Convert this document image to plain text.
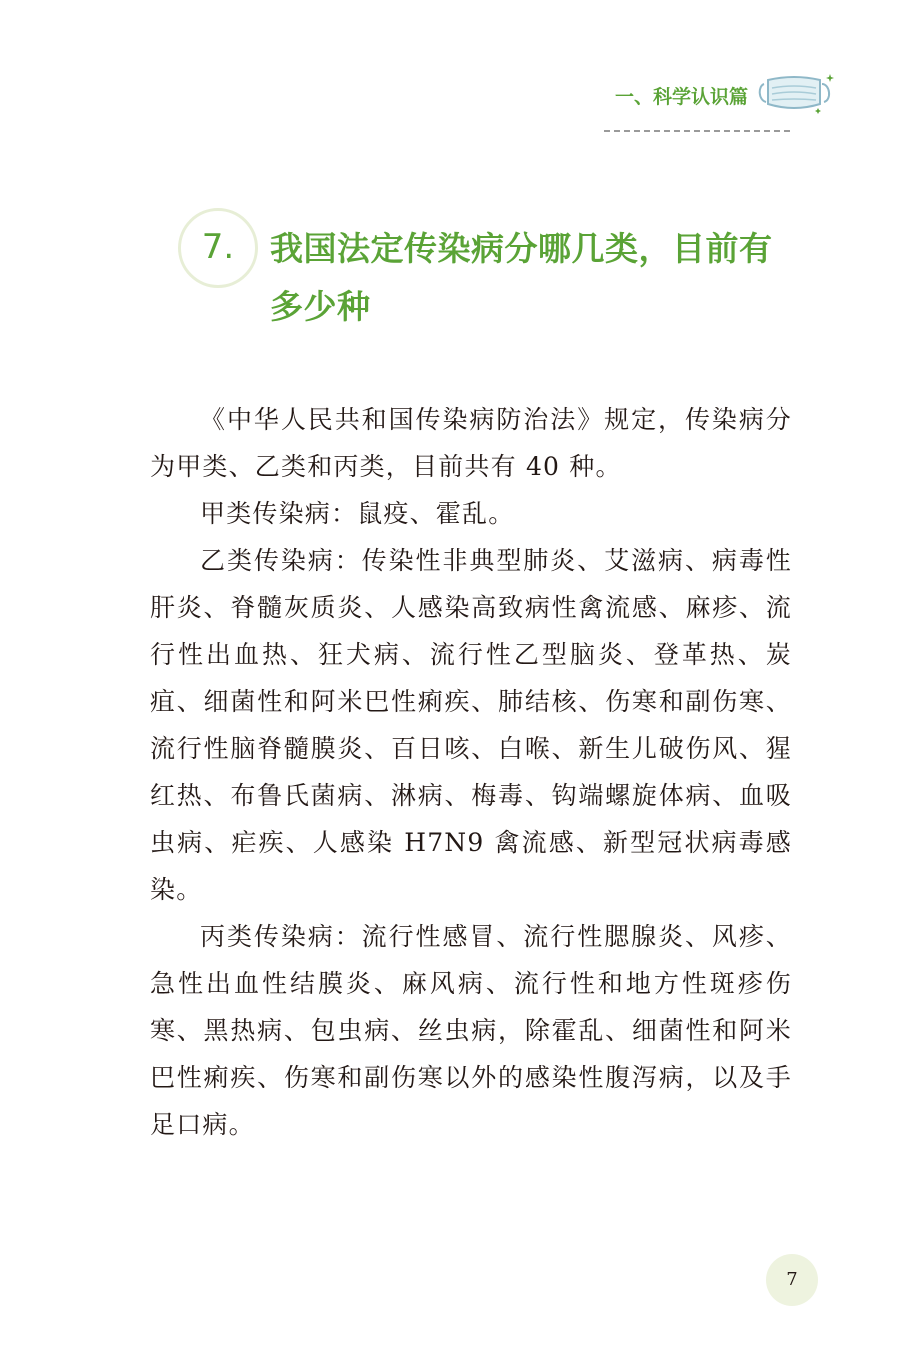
一、科学认识篇
7.	我国法定传染病分哪几类，目前有多少种

《中华人民共和国传染病防治法》规定，传染病分为甲类、乙类和丙类，目前共有 40 种。

甲类传染病：鼠疫、霍乱。

乙类传染病：传染性非典型肺炎、艾滋病、病毒性肝炎、脊髓灰质炎、人感染高致病性禽流感、麻疹、流行性出血热、狂犬病、流行性乙型脑炎、登革热、炭疽、细菌性和阿米巴性痢疾、肺结核、伤寒和副伤寒、流行性脑脊髓膜炎、百日咳、白喉、新生儿破伤风、猩红热、布鲁氏菌病、淋病、梅毒、钩端螺旋体病、血吸虫病、疟疾、人感染 H7N9 禽流感、新型冠状病毒感染。

丙类传染病：流行性感冒、流行性腮腺炎、风疹、急性出血性结膜炎、麻风病、流行性和地方性斑疹伤寒、黑热病、包虫病、丝虫病，除霍乱、细菌性和阿米巴性痢疾、伤寒和副伤寒以外的感染性腹泻病，以及手足口病。

7
